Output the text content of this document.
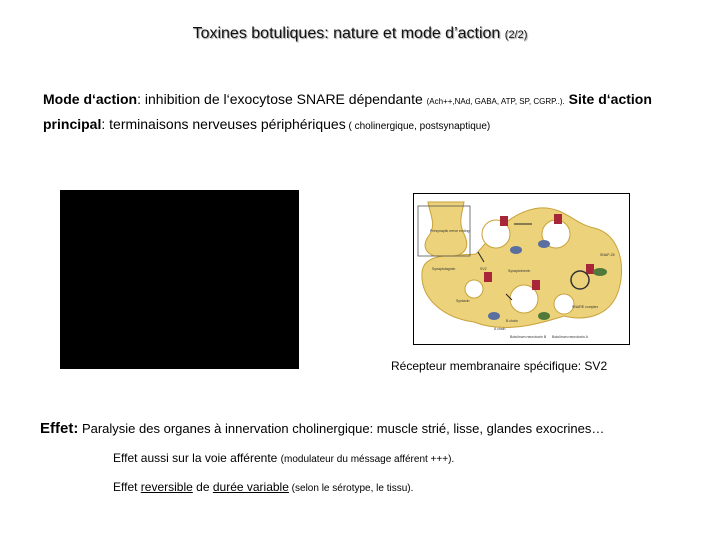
Toxines botuliques: nature et mode d’action (2/2)
Mode d‘action: inhibition de l‘exocytose SNARE dépendante (Ach++,NAd, GABA, ATP, SP, CGRP..). Site d‘action principal: terminaisons nerveuses périphériques ( cholinergique, postsynaptique)
Presynaptic nerve ending
Synaptotagmin
Syntaxin
SNAP-25
SV2	Synaptobrevin
SNARE complex
B chain
A chain
Botulinum neurotoxin B Botulinum neurotoxin A
Récepteur membranaire spécifique: SV2
Effet: Paralysie des organes à innervation cholinergique: muscle strié, lisse, glandes exocrines…
Effet aussi sur la voie afférente (modulateur du méssage afférent +++).
Effet reversible de durée variable (selon le sérotype, le tissu).
